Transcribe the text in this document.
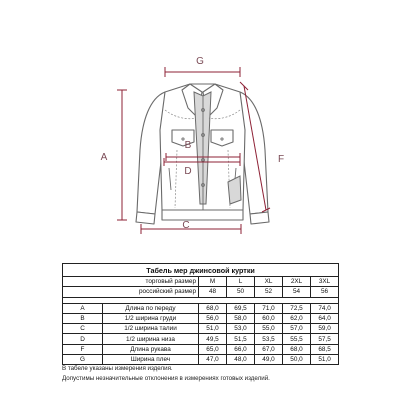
G
B
D
A	F
C
Табель мер джинсовой куртки						
торговый размер		M	L	XL	2XL	3XL
российский размер		48	50	52	54	56

A	Длина по переду	68,0	69,5	71,0	72,5	74,0
B	1/2 ширина груди	56,0	58,0	60,0	62,0	64,0
C	1/2 ширина талии	51,0	53,0	55,0	57,0	59,0
D	1/2 ширина низа	49,5	51,5	53,5	55,5	57,5
F	Длина рукава	65,0	66,0	67,0	68,0	68,5
G	Ширина плеч	47,0	48,0	49,0	50,0	51,0
В табеле указаны измерения изделия.
Допустимы незначительные отклонения в измерениях готовых изделий.
